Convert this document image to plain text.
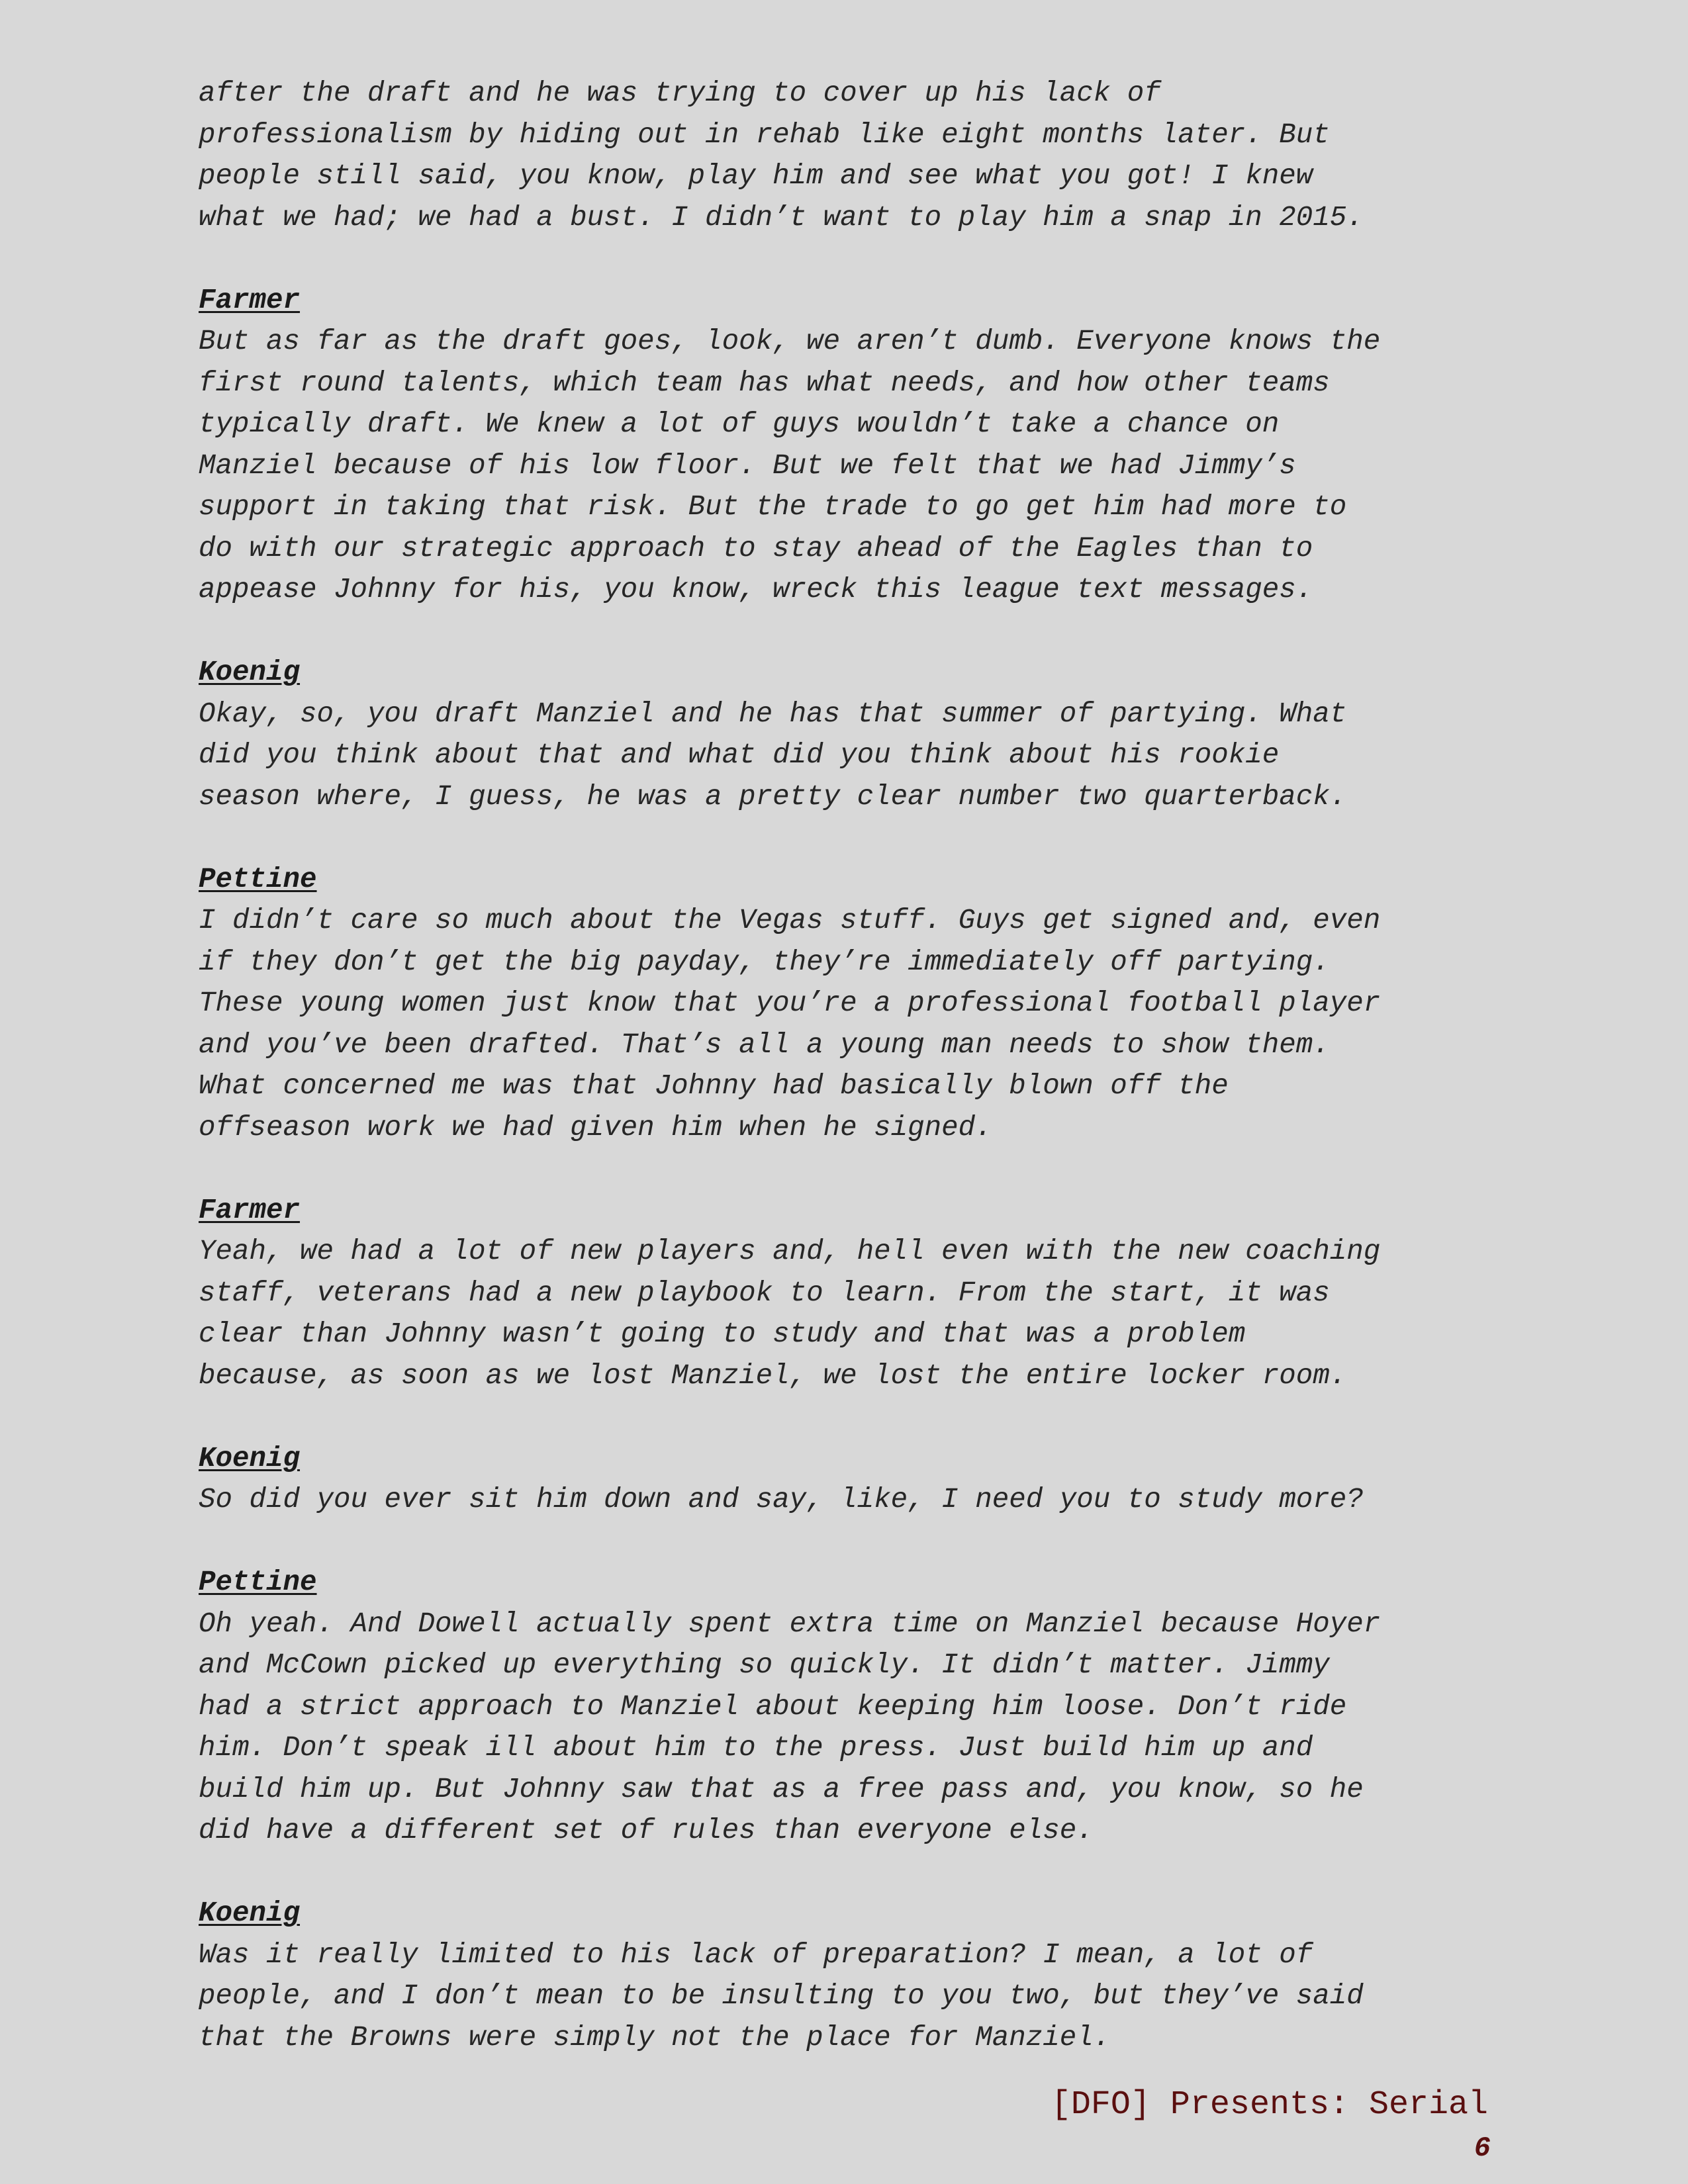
after the draft and he was trying to cover up his lack of
professionalism by hiding out in rehab like eight months later. But
people still said, you know, play him and see what you got! I knew
what we had; we had a bust. I didn’t want to play him a snap in 2015.

Farmer

But as far as the draft goes, look, we aren’t dumb. Everyone knows the
first round talents, which team has what needs, and how other teams
typically draft. We knew a lot of guys wouldn’t take a chance on
Manziel because of his low floor. But we felt that we had Jimmy’s
support in taking that risk. But the trade to go get him had more to
do with our strategic approach to stay ahead of the Eagles than to
appease Johnny for his, you know, wreck this league text messages.

Koenig

Okay, so, you draft Manziel and he has that summer of partying. What
did you think about that and what did you think about his rookie
season where, I guess, he was a pretty clear number two quarterback.

Pettine

I didn’t care so much about the Vegas stuff. Guys get signed and, even
if they don’t get the big payday, they’re immediately off partying.
These young women just know that you’re a professional football player
and you’ve been drafted. That’s all a young man needs to show them.
What concerned me was that Johnny had basically blown off the
offseason work we had given him when he signed.

Farmer

Yeah, we had a lot of new players and, hell even with the new coaching
staff, veterans had a new playbook to learn. From the start, it was
clear than Johnny wasn’t going to study and that was a problem
because, as soon as we lost Manziel, we lost the entire locker room.

Koenig

So did you ever sit him down and say, like, I need you to study more?

Pettine

Oh yeah. And Dowell actually spent extra time on Manziel because Hoyer
and McCown picked up everything so quickly. It didn’t matter. Jimmy
had a strict approach to Manziel about keeping him loose. Don’t ride
him. Don’t speak ill about him to the press. Just build him up and
build him up. But Johnny saw that as a free pass and, you know, so he
did have a different set of rules than everyone else.

Koenig

Was it really limited to his lack of preparation? I mean, a lot of
people, and I don’t mean to be insulting to you two, but they’ve said
that the Browns were simply not the place for Manziel.

[DFO] Presents: Serial
6
